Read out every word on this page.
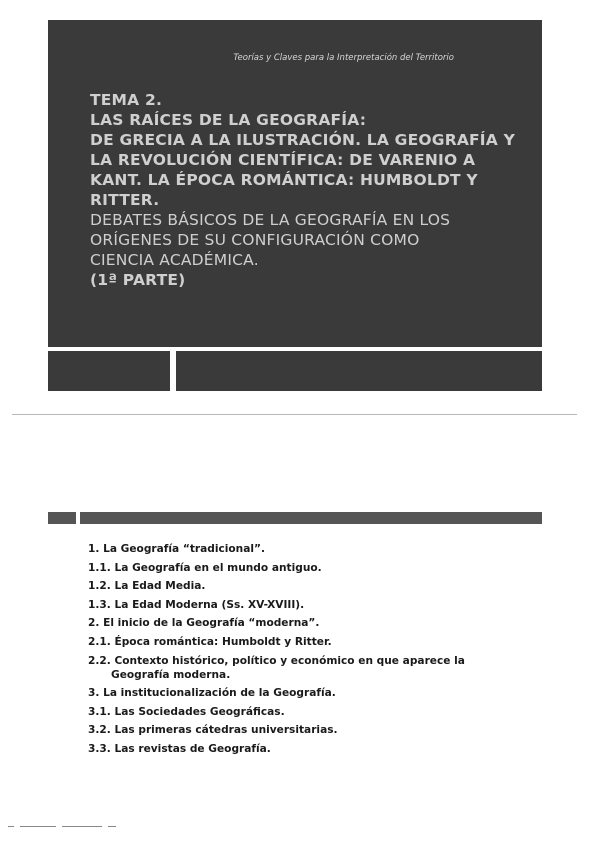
Teorías y Claves para la Interpretación del Territorio
TEMA 2.
LAS RAÍCES DE LA GEOGRAFÍA:
DE GRECIA A LA ILUSTRACIÓN. LA GEOGRAFÍA Y
LA REVOLUCIÓN CIENTÍFICA: DE VARENIO A
KANT. LA ÉPOCA ROMÁNTICA: HUMBOLDT Y
RITTER.
DEBATES BÁSICOS DE LA GEOGRAFÍA EN LOS
ORÍGENES DE SU CONFIGURACIÓN COMO
CIENCIA ACADÉMICA.
(1ª PARTE)
1. La Geografía “tradicional”.
1.1. La Geografía en el mundo antiguo.
1.2. La Edad Media.
1.3. La Edad Moderna (Ss. XV-XVIII).
2. El inicio de la Geografía “moderna”.
2.1. Época romántica: Humboldt y Ritter.
2.2. Contexto histórico, político y económico en que aparece la
Geografía moderna.
3. La institucionalización de la Geografía.
3.1. Las Sociedades Geográficas.
3.2. Las primeras cátedras universitarias.
3.3. Las revistas de Geografía.
